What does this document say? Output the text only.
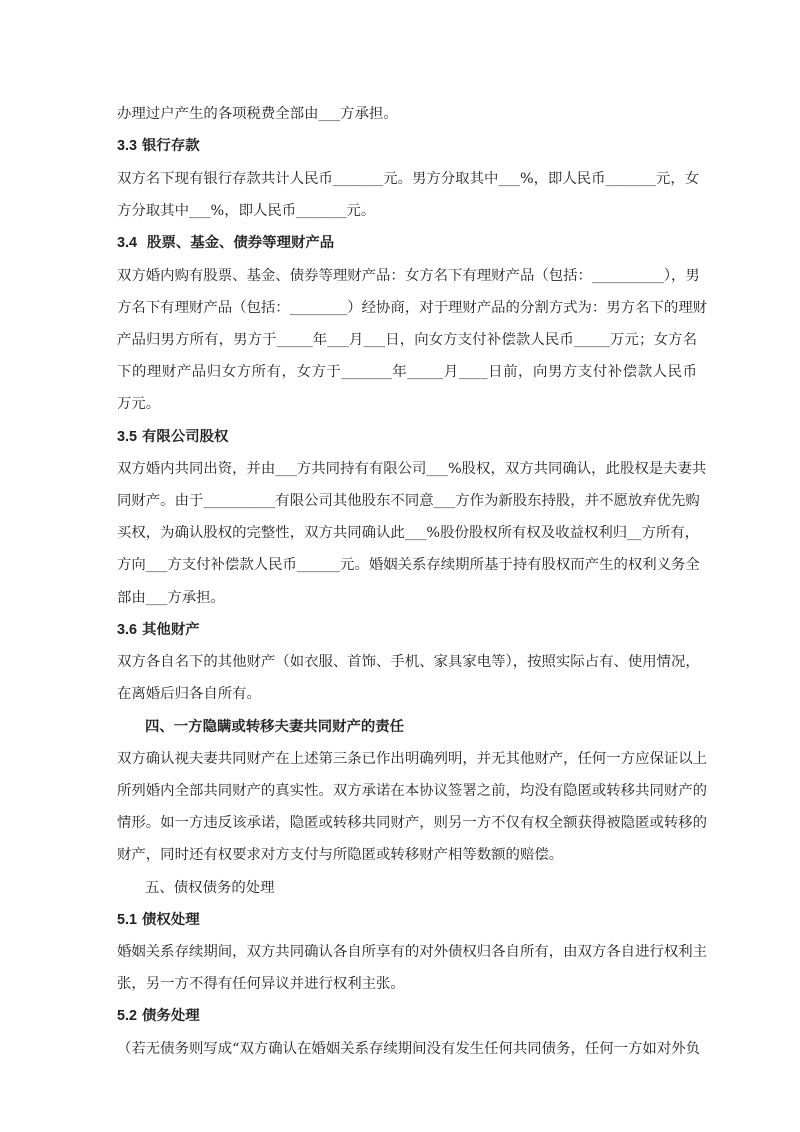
办理过户产生的各项税费全部由___方承担。
3.3 银行存款
双方名下现有银行存款共计人民币_______元。男方分取其中___%，即人民币_______元，女
方分取其中___%，即人民币_______元。
3.4 股票、基金、债券等理财产品
双方婚内购有股票、基金、债券等理财产品：女方名下有理财产品（包括：__________），男
方名下有理财产品（包括：________）经协商，对于理财产品的分割方式为：男方名下的理财
产品归男方所有，男方于_____年___月___日，向女方支付补偿款人民币_____万元；女方名
下的理财产品归女方所有，女方于_______年_____月____日前，向男方支付补偿款人民币
万元。
3.5 有限公司股权
双方婚内共同出资，并由___方共同持有有限公司___%股权，双方共同确认，此股权是夫妻共
同财产。由于__________有限公司其他股东不同意___方作为新股东持股，并不愿放弃优先购
买权，为确认股权的完整性，双方共同确认此___%股份股权所有权及收益权利归__方所有，
方向___方支付补偿款人民币______元。婚姻关系存续期所基于持有股权而产生的权利义务全
部由___方承担。
3.6 其他财产
双方各自名下的其他财产（如衣服、首饰、手机、家具家电等），按照实际占有、使用情况，
在离婚后归各自所有。
四、一方隐瞒或转移夫妻共同财产的责任
双方确认视夫妻共同财产在上述第三条已作出明确列明，并无其他财产，任何一方应保证以上
所列婚内全部共同财产的真实性。双方承诺在本协议签署之前，均没有隐匿或转移共同财产的
情形。如一方违反该承诺，隐匿或转移共同财产，则另一方不仅有权全额获得被隐匿或转移的
财产，同时还有权要求对方支付与所隐匿或转移财产相等数额的赔偿。
五、债权债务的处理
5.1 债权处理
婚姻关系存续期间，双方共同确认各自所享有的对外债权归各自所有，由双方各自进行权利主
张，另一方不得有任何异议并进行权利主张。
5.2 债务处理
（若无债务则写成“双方确认在婚姻关系存续期间没有发生任何共同债务，任何一方如对外负
